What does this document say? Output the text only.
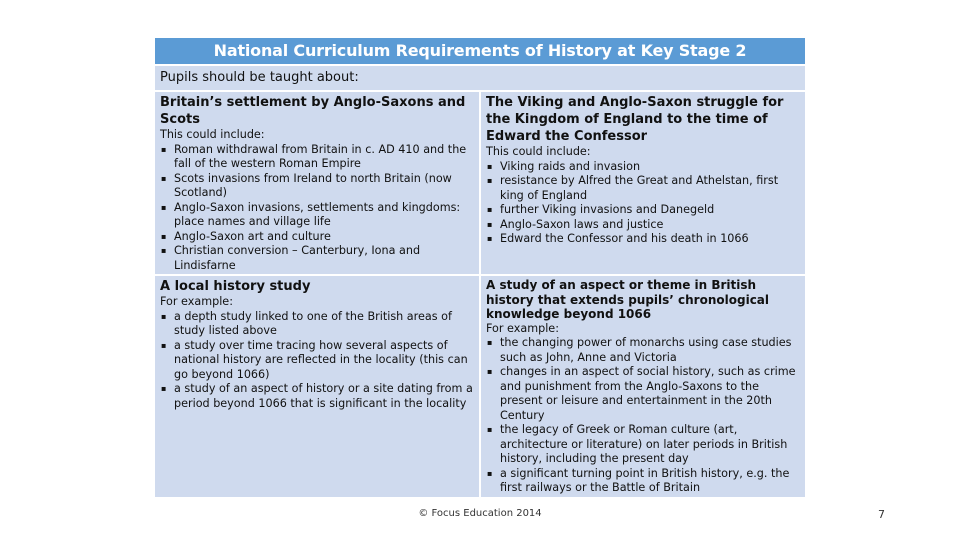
National Curriculum Requirements of History at Key Stage 2
Pupils should be taught about:
Britain’s settlement by Anglo-Saxons and Scots
This could include:
▪ Roman withdrawal from Britain in c. AD 410 and the fall of the western Roman Empire
▪ Scots invasions from Ireland to north Britain (now Scotland)
▪ Anglo-Saxon invasions, settlements and kingdoms: place names and village life
▪ Anglo-Saxon art and culture
▪ Christian conversion – Canterbury, Iona and Lindisfarne
The Viking and Anglo-Saxon struggle for the Kingdom of England to the time of Edward the Confessor
This could include:
▪ Viking raids and invasion
▪ resistance by Alfred the Great and Athelstan, first king of England
▪ further Viking invasions and Danegeld
▪ Anglo-Saxon laws and justice
▪ Edward the Confessor and his death in 1066
A local history study
For example:
▪ a depth study linked to one of the British areas of study listed above
▪ a study over time tracing how several aspects of national history are reflected in the locality (this can go beyond 1066)
▪ a study of an aspect of history or a site dating from a period beyond 1066 that is significant in the locality
A study of an aspect or theme in British history that extends pupils’ chronological knowledge beyond 1066
For example:
▪ the changing power of monarchs using case studies such as John, Anne and Victoria
▪ changes in an aspect of social history, such as crime and punishment from the Anglo-Saxons to the present or leisure and entertainment in the 20th Century
▪ the legacy of Greek or Roman culture (art, architecture or literature) on later periods in British history, including the present day
▪ a significant turning point in British history, e.g. the first railways or the Battle of Britain
© Focus Education 2014	7
